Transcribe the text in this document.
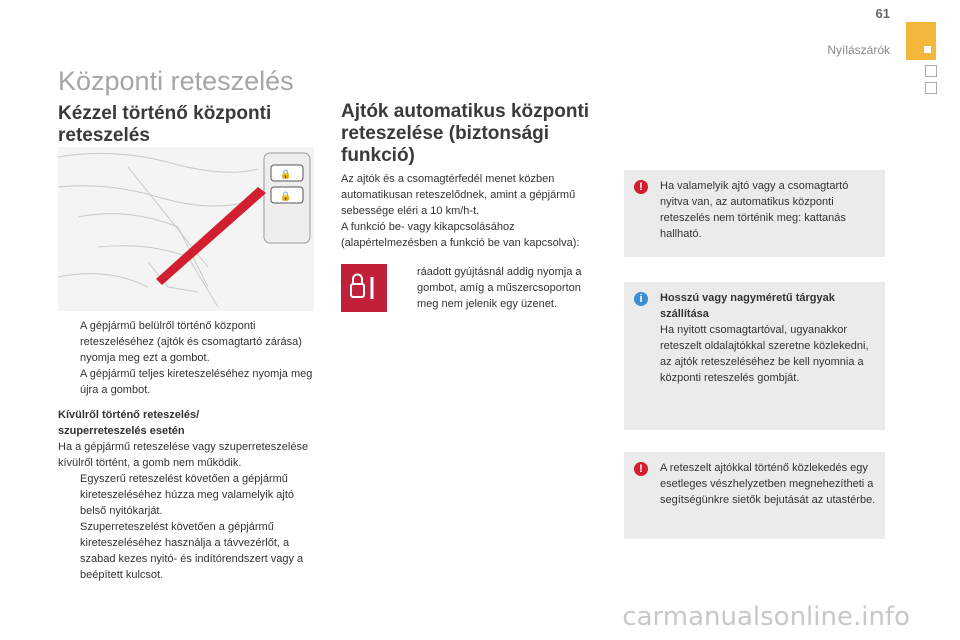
61
Nyílászárók
Központi reteszelés
Kézzel történő központi reteszelés
🔒
🔒
A gépjármű belülről történő központi reteszeléséhez (ajtók és csomagtartó zárása) nyomja meg ezt a gombot.
A gépjármű teljes kireteszeléséhez nyomja meg újra a gombot.
Kívülről történő reteszelés/
szuperreteszelés esetén
Ha a gépjármű reteszelése vagy szuperreteszelése kívülről történt, a gomb nem működik.
Egyszerű reteszelést követően a gépjármű kireteszeléséhez húzza meg valamelyik ajtó belső nyitókarját.
Szuperreteszelést követően a gépjármű kireteszeléséhez használja a távvezérlőt, a szabad kezes nyitó- és indítórendszert vagy a beépített kulcsot.
Ajtók automatikus központi reteszelése (biztonsági funkció)
Az ajtók és a csomagtérfedél menet közben automatikusan reteszelődnek, amint a gépjármű sebessége eléri a 10 km/h-t.
A funkció be- vagy kikapcsolásához (alapértelmezésben a funkció be van kapcsolva):
ráadott gyújtásnál addig nyomja a gombot, amíg a műszercsoporton meg nem jelenik egy üzenet.
!	Ha valamelyik ajtó vagy a csomagtartó nyitva van, az automatikus központi reteszelés nem történik meg: kattanás hallható.
i	Hosszú vagy nagyméretű tárgyak szállítása
Ha nyitott csomagtartóval, ugyanakkor reteszelt oldalajtókkal szeretne közlekedni, az ajtók reteszeléséhez be kell nyomnia a központi reteszelés gombját.
!	A reteszelt ajtókkal történő közlekedés egy esetleges vészhelyzetben megnehezítheti a segítségünkre sietők bejutását az utastérbe.
carmanualsonline.info
